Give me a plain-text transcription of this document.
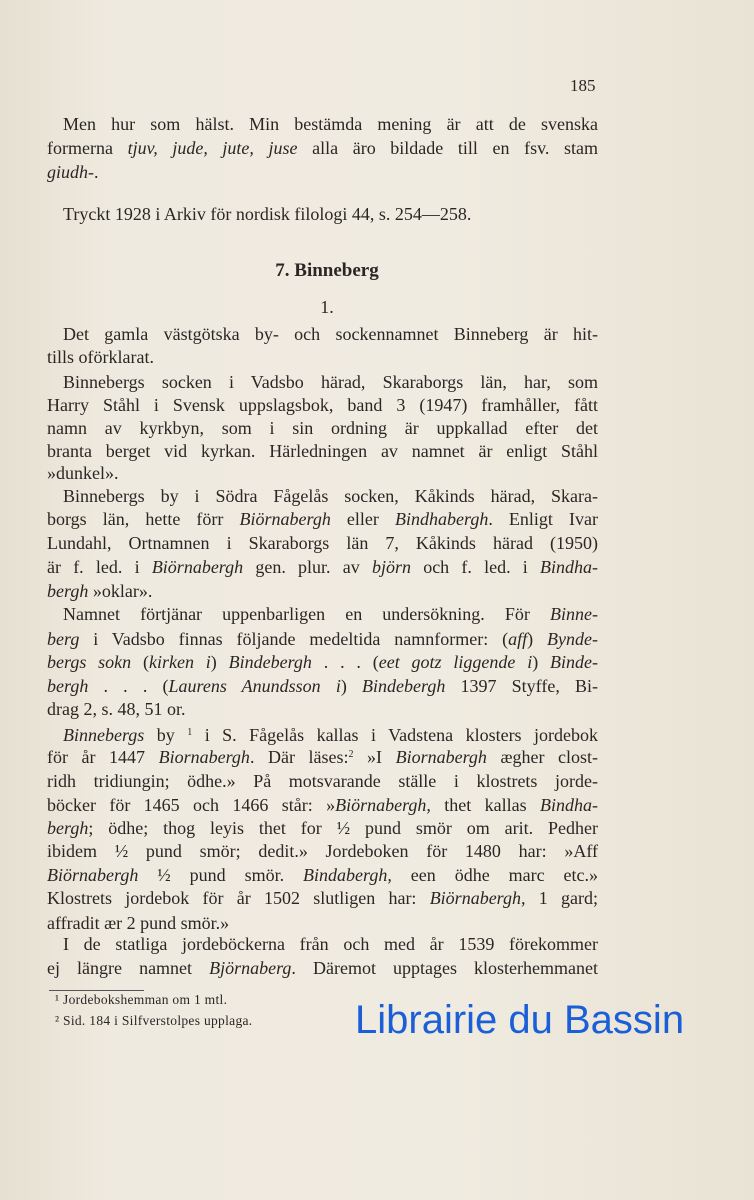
185
7. Binneberg
1.
Men hur som hälst. Min bestämda mening är att de svenska
formerna tjuv, jude, jute, juse alla äro bildade till en fsv. stam
giudh-.
Tryckt 1928 i Arkiv för nordisk filologi 44, s. 254—258.
Det gamla västgötska by- och sockennamnet Binneberg är hit-
tills oförklarat.
Binnebergs socken i Vadsbo härad, Skaraborgs län, har, som
Harry Ståhl i Svensk uppslagsbok, band 3 (1947) framhåller, fått
namn av kyrkbyn, som i sin ordning är uppkallad efter det
branta berget vid kyrkan. Härledningen av namnet är enligt Ståhl
»dunkel».
Binnebergs by i Södra Fågelås socken, Kåkinds härad, Skara-
borgs län, hette förr Biörnabergh eller Bindhabergh. Enligt Ivar
Lundahl, Ortnamnen i Skaraborgs län 7, Kåkinds härad (1950)
är f. led. i Biörnabergh gen. plur. av björn och f. led. i Bindha-
bergh »oklar».
Namnet förtjänar uppenbarligen en undersökning. För Binne-
berg i Vadsbo finnas följande medeltida namnformer: (aff) Bynde-
bergs sokn (kirken i) Bindebergh . . . (eet gotz liggende i) Binde-
bergh . . . (Laurens Anundsson i) Bindebergh 1397 Styffe, Bi-
drag 2, s. 48, 51 or.
Binnebergs by $^1$ i S. Fågelås kallas i Vadstena klosters jordebok
för år 1447 Biornabergh. Där läses:$^2$ »I Biornabergh ægher clost-
ridh tridiungin; ödhe.» På motsvarande ställe i klostrets jorde-
böcker för 1465 och 1466 står: »Biörnabergh, thet kallas Bindha-
bergh; ödhe; thog leyis thet for ½ pund smör om arit. Pedher
ibidem ½ pund smör; dedit.» Jordeboken för 1480 har: »Aff
Biörnabergh ½ pund smör. Bindabergh, een ödhe marc etc.»
Klostrets jordebok för år 1502 slutligen har: Biörnabergh, 1 gard;
affradit ær 2 pund smör.»
I de statliga jordeböckerna från och med år 1539 förekommer
ej längre namnet Björnaberg. Däremot upptages klosterhemmanet
¹ Jordebokshemman om 1 mtl.
² Sid. 184 i Silfverstolpes upplaga.	Librairie du Bassin
